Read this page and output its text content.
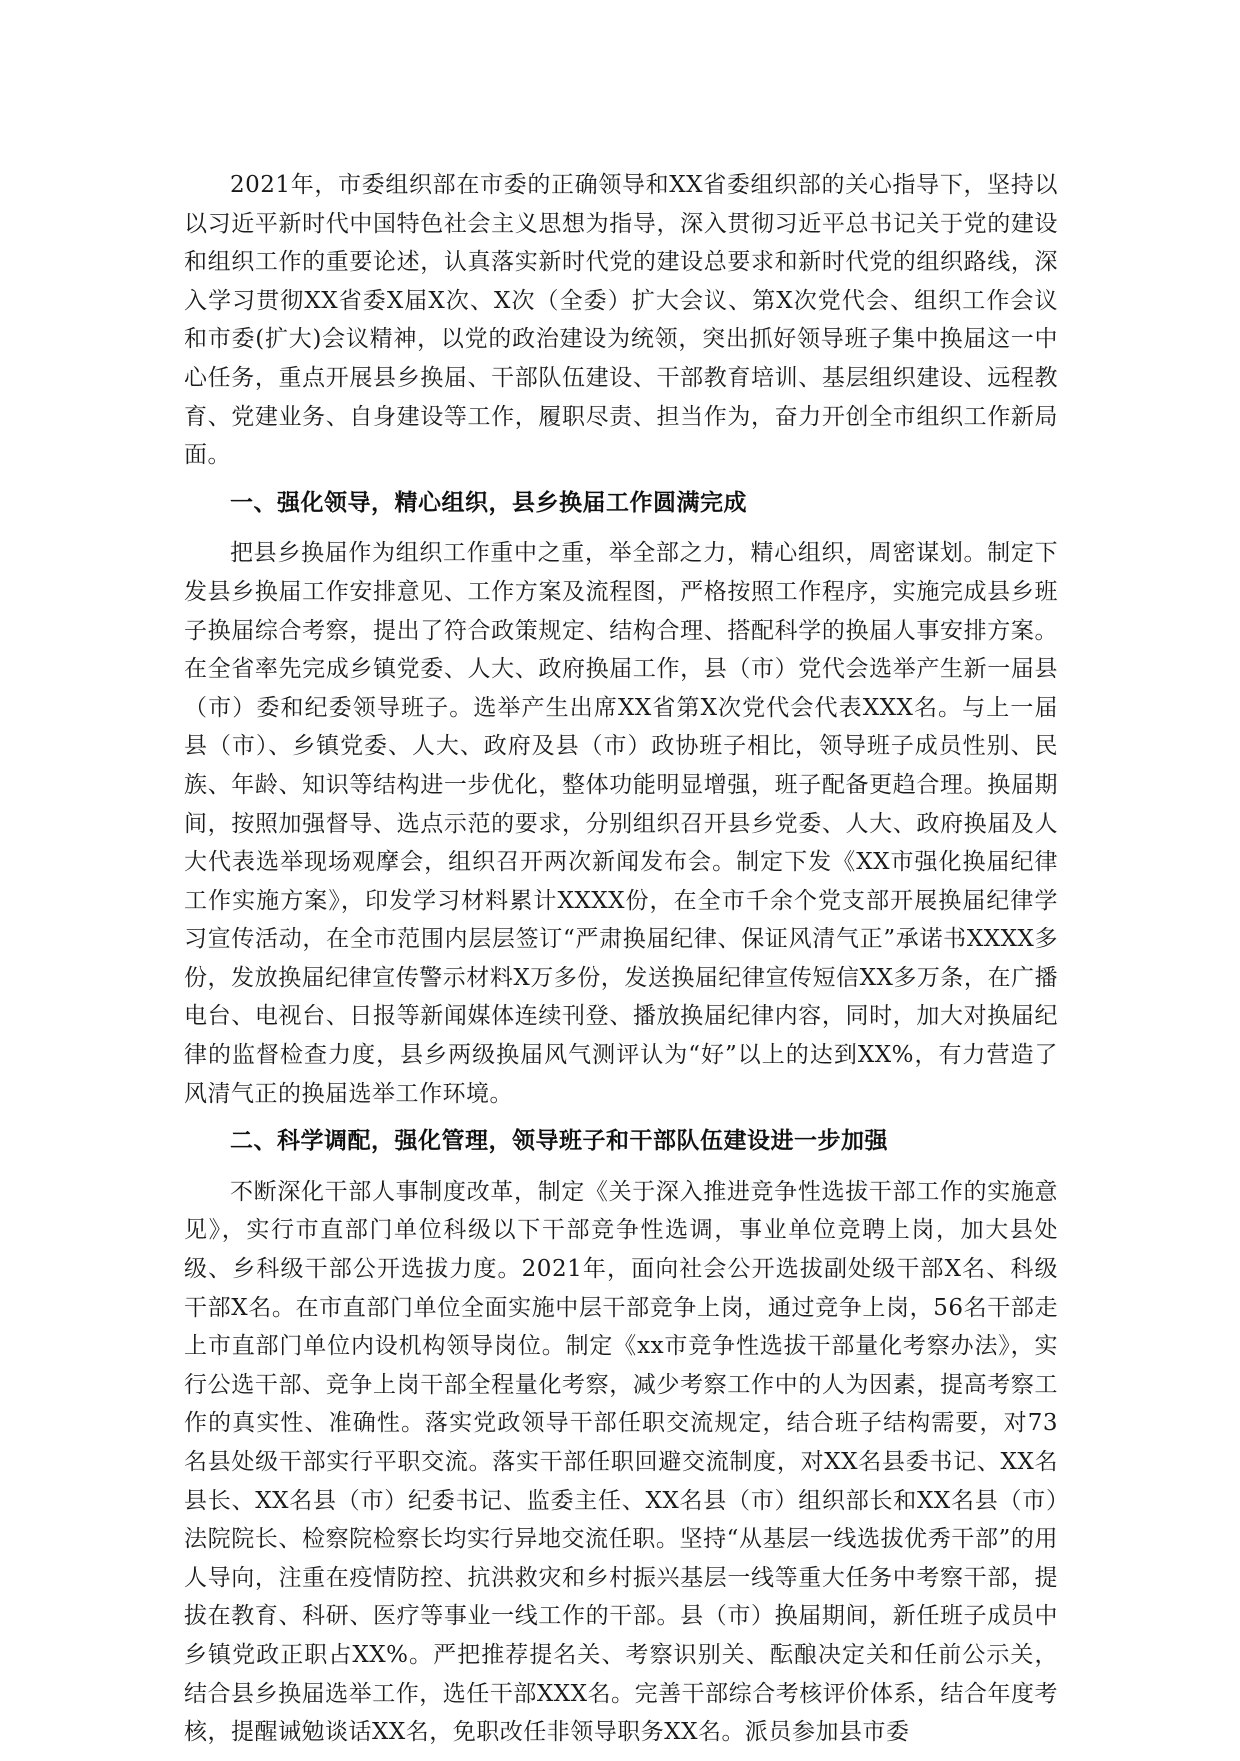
2021年，市委组织部在市委的正确领导和XX省委组织部的关心指导下，坚持以以习近平新时代中国特色社会主义思想为指导，深入贯彻习近平总书记关于党的建设和组织工作的重要论述，认真落实新时代党的建设总要求和新时代党的组织路线，深入学习贯彻XX省委X届X次、X次（全委）扩大会议、第X次党代会、组织工作会议和市委(扩大)会议精神，以党的政治建设为统领，突出抓好领导班子集中换届这一中心任务，重点开展县乡换届、干部队伍建设、干部教育培训、基层组织建设、远程教育、党建业务、自身建设等工作，履职尽责、担当作为，奋力开创全市组织工作新局面。

一、强化领导，精心组织，县乡换届工作圆满完成

把县乡换届作为组织工作重中之重，举全部之力，精心组织，周密谋划。制定下发县乡换届工作安排意见、工作方案及流程图，严格按照工作程序，实施完成县乡班子换届综合考察，提出了符合政策规定、结构合理、搭配科学的换届人事安排方案。在全省率先完成乡镇党委、人大、政府换届工作，县（市）党代会选举产生新一届县（市）委和纪委领导班子。选举产生出席XX省第X次党代会代表XXX名。与上一届县（市）、乡镇党委、人大、政府及县（市）政协班子相比，领导班子成员性别、民族、年龄、知识等结构进一步优化，整体功能明显增强，班子配备更趋合理。换届期间，按照加强督导、选点示范的要求，分别组织召开县乡党委、人大、政府换届及人大代表选举现场观摩会，组织召开两次新闻发布会。制定下发《XX市强化换届纪律工作实施方案》，印发学习材料累计XXXX份，在全市千余个党支部开展换届纪律学习宣传活动，在全市范围内层层签订“严肃换届纪律、保证风清气正”承诺书XXXX多份，发放换届纪律宣传警示材料X万多份，发送换届纪律宣传短信XX多万条，在广播电台、电视台、日报等新闻媒体连续刊登、播放换届纪律内容，同时，加大对换届纪律的监督检查力度，县乡两级换届风气测评认为“好”以上的达到XX%，有力营造了风清气正的换届选举工作环境。

二、科学调配，强化管理，领导班子和干部队伍建设进一步加强

不断深化干部人事制度改革，制定《关于深入推进竞争性选拔干部工作的实施意见》，实行市直部门单位科级以下干部竞争性选调，事业单位竞聘上岗，加大县处级、乡科级干部公开选拔力度。2021年，面向社会公开选拔副处级干部X名、科级干部X名。在市直部门单位全面实施中层干部竞争上岗，通过竞争上岗，56名干部走上市直部门单位内设机构领导岗位。制定《xx市竞争性选拔干部量化考察办法》，实行公选干部、竞争上岗干部全程量化考察，减少考察工作中的人为因素，提高考察工作的真实性、准确性。落实党政领导干部任职交流规定，结合班子结构需要，对73名县处级干部实行平职交流。落实干部任职回避交流制度，对XX名县委书记、XX名县长、XX名县（市）纪委书记、监委主任、XX名县（市）组织部长和XX名县（市）法院院长、检察院检察长均实行异地交流任职。坚持“从基层一线选拔优秀干部”的用人导向，注重在疫情防控、抗洪救灾和乡村振兴基层一线等重大任务中考察干部，提拔在教育、科研、医疗等事业一线工作的干部。县（市）换届期间，新任班子成员中乡镇党政正职占XX%。严把推荐提名关、考察识别关、酝酿决定关和任前公示关，结合县乡换届选举工作，选任干部XXX名。完善干部综合考核评价体系，结合年度考核，提醒诫勉谈话XX名，免职改任非领导职务XX名。派员参加县市委
